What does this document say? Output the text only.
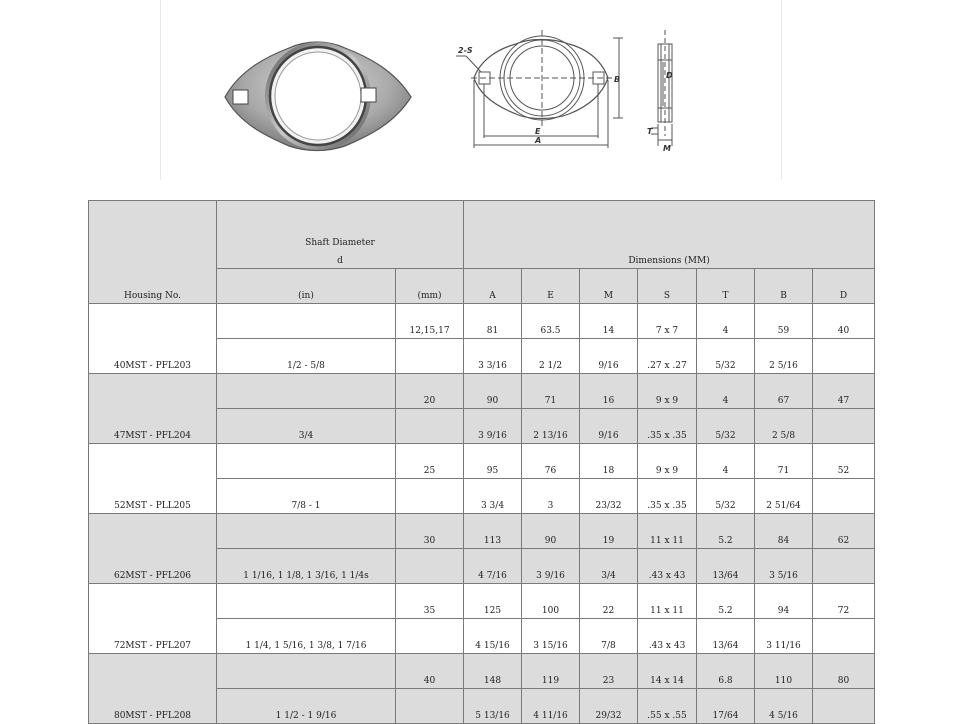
2-S
B
E
A
D
T
M
Housing No.	Shaft Diameter
d		Dimensions (MM)						
	(in)	(mm)	A	E	M	S	T	B	D
40MST - PFL203		12,15,17	81	63.5	14	7 x 7	4	59	40
	1/2 - 5/8		3 3/16	2 1/2	9/16	.27 x .27	5/32	2 5/16	
47MST - PFL204		20	90	71	16	9 x 9	4	67	47
	3/4		3 9/16	2 13/16	9/16	.35 x .35	5/32	2 5/8	
52MST - PLL205		25	95	76	18	9 x 9	4	71	52
	7/8 - 1		3 3/4	3	23/32	.35 x .35	5/32	2 51/64	
62MST - PFL206		30	113	90	19	11 x 11	5.2	84	62
	1 1/16, 1 1/8, 1 3/16, 1 1/4s		4 7/16	3 9/16	3/4	.43 x 43	13/64	3 5/16	
72MST - PFL207		35	125	100	22	11 x 11	5.2	94	72
	1 1/4, 1 5/16, 1 3/8, 1 7/16		4 15/16	3 15/16	7/8	.43 x 43	13/64	3 11/16	
80MST - PFL208		40	148	119	23	14 x 14	6.8	110	80
	1 1/2 - 1 9/16		5 13/16	4 11/16	29/32	.55 x .55	17/64	4 5/16	
